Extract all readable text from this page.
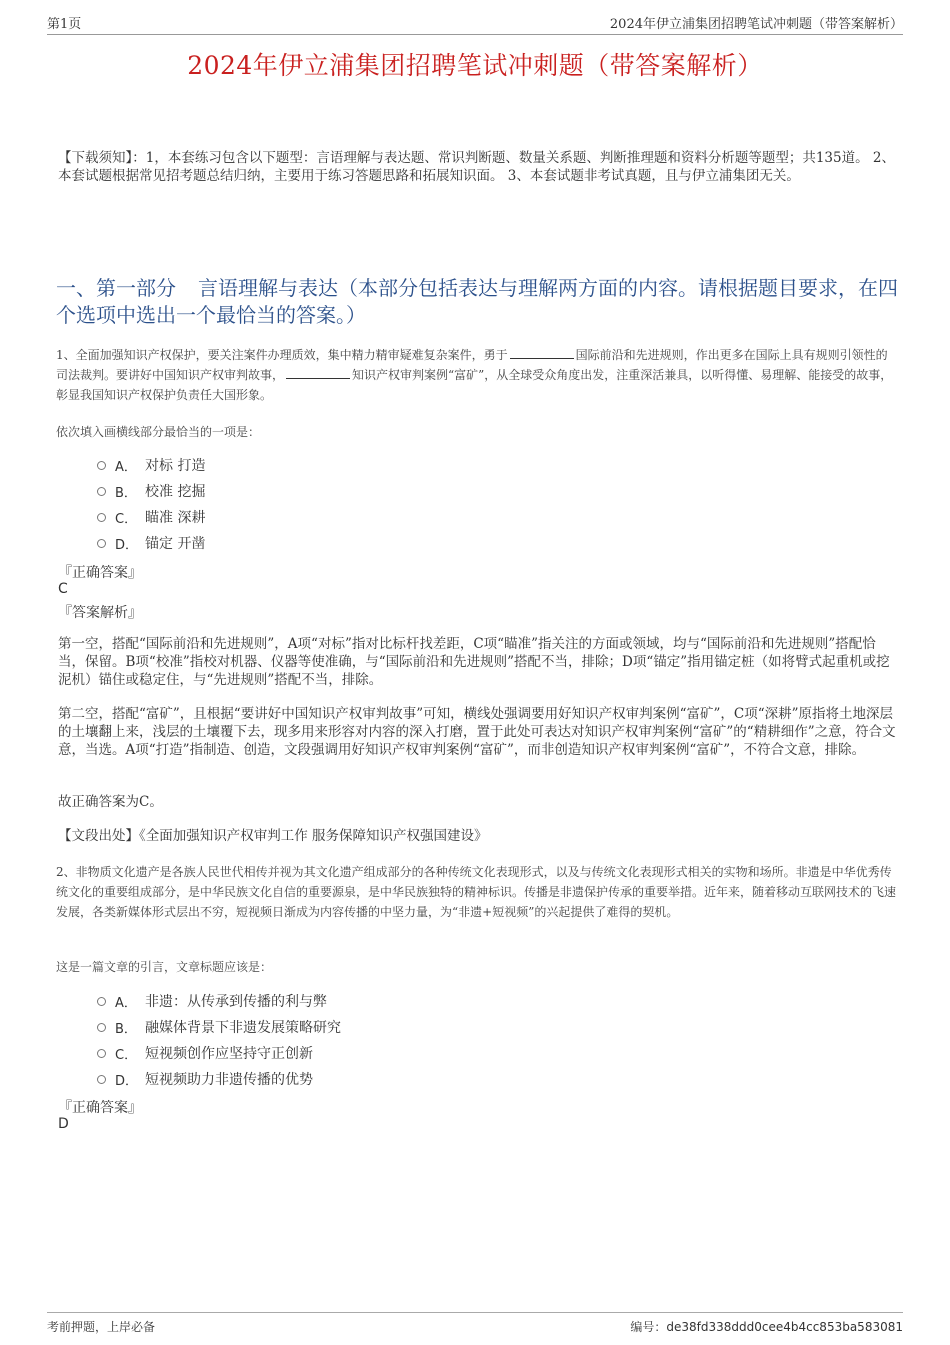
第1页	2024年伊立浦集团招聘笔试冲刺题（带答案解析）
2024年伊立浦集团招聘笔试冲刺题（带答案解析）
【下载须知】：1，本套练习包含以下题型：言语理解与表达题、常识判断题、数量关系题、判断推理题和资料分析题等题型；共135道。 2、本套试题根据常见招考题总结归纳，主要用于练习答题思路和拓展知识面。 3、本套试题非考试真题，且与伊立浦集团无关。
一、第一部分 言语理解与表达（本部分包括表达与理解两方面的内容。请根据题目要求，在四个选项中选出一个最恰当的答案。）
1、全面加强知识产权保护，要关注案件办理质效，集中精力精审疑难复杂案件，勇于	国际前沿和先进规则，作出更多在国际上具有规则引领性的司法裁判。要讲好中国知识产权审判故事，	知识产权审判案例“富矿”，从全球受众角度出发，注重深活兼具，以听得懂、易理解、能接受的故事，彰显我国知识产权保护负责任大国形象。
依次填入画横线部分最恰当的一项是：
A． 对标 打造
B． 校准 挖掘
C． 瞄准 深耕
D． 锚定 开凿
『正确答案』
C
『答案解析』
第一空，搭配“国际前沿和先进规则”，A项“对标”指对比标杆找差距，C项“瞄准”指关注的方面或领域，均与“国际前沿和先进规则”搭配恰当，保留。B项“校准”指校对机器、仪器等使准确，与“国际前沿和先进规则”搭配不当，排除；D项“锚定”指用锚定桩（如将臂式起重机或挖泥机）锚住或稳定住，与“先进规则”搭配不当，排除。
第二空，搭配“富矿”，且根据“要讲好中国知识产权审判故事”可知，横线处强调要用好知识产权审判案例“富矿”，C项“深耕”原指将土地深层的土壤翻上来，浅层的土壤覆下去，现多用来形容对内容的深入打磨，置于此处可表达对知识产权审判案例“富矿”的“精耕细作”之意，符合文意，当选。A项“打造”指制造、创造，文段强调用好知识产权审判案例“富矿”，而非创造知识产权审判案例“富矿”，不符合文意，排除。
故正确答案为C。
【文段出处】《全面加强知识产权审判工作 服务保障知识产权强国建设》
2、非物质文化遗产是各族人民世代相传并视为其文化遗产组成部分的各种传统文化表现形式，以及与传统文化表现形式相关的实物和场所。非遗是中华优秀传统文化的重要组成部分，是中华民族文化自信的重要源泉，是中华民族独特的精神标识。传播是非遗保护传承的重要举措。近年来，随着移动互联网技术的飞速发展，各类新媒体形式层出不穷，短视频日渐成为内容传播的中坚力量，为“非遗+短视频”的兴起提供了难得的契机。
这是一篇文章的引言，文章标题应该是：
A． 非遗：从传承到传播的利与弊
B． 融媒体背景下非遗发展策略研究
C． 短视频创作应坚持守正创新
D． 短视频助力非遗传播的优势
『正确答案』
D
考前押题，上岸必备	编号：de38fd338ddd0cee4b4cc853ba583081
